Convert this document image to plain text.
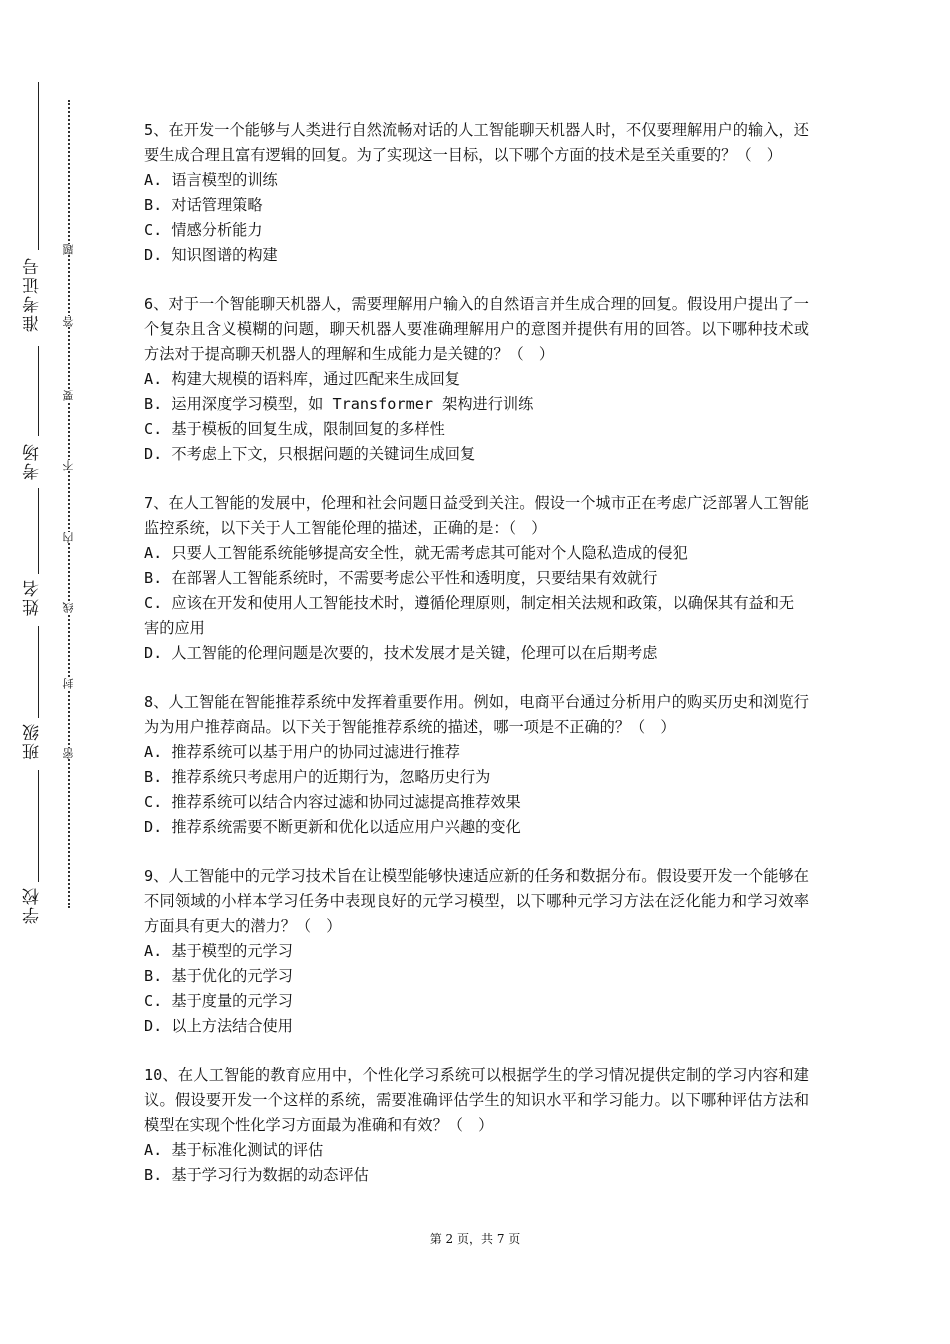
准考证号
考场
姓名
班级
学校
题
答
要
不
内
线
封
密

5、在开发一个能够与人类进行自然流畅对话的人工智能聊天机器人时，不仅要理解用户的输入，还要生成合理且富有逻辑的回复。为了实现这一目标，以下哪个方面的技术是至关重要的？（　）

A. 语言模型的训练

B. 对话管理策略

C. 情感分析能力

D. 知识图谱的构建

6、对于一个智能聊天机器人，需要理解用户输入的自然语言并生成合理的回复。假设用户提出了一个复杂且含义模糊的问题，聊天机器人要准确理解用户的意图并提供有用的回答。以下哪种技术或方法对于提高聊天机器人的理解和生成能力是关键的？（　）

A. 构建大规模的语料库，通过匹配来生成回复

B. 运用深度学习模型，如 Transformer 架构进行训练

C. 基于模板的回复生成，限制回复的多样性

D. 不考虑上下文，只根据问题的关键词生成回复

7、在人工智能的发展中，伦理和社会问题日益受到关注。假设一个城市正在考虑广泛部署人工智能监控系统，以下关于人工智能伦理的描述，正确的是：（　）

A. 只要人工智能系统能够提高安全性，就无需考虑其可能对个人隐私造成的侵犯

B. 在部署人工智能系统时，不需要考虑公平性和透明度，只要结果有效就行

C. 应该在开发和使用人工智能技术时，遵循伦理原则，制定相关法规和政策，以确保其有益和无害的应用

D. 人工智能的伦理问题是次要的，技术发展才是关键，伦理可以在后期考虑

8、人工智能在智能推荐系统中发挥着重要作用。例如，电商平台通过分析用户的购买历史和浏览行为为用户推荐商品。以下关于智能推荐系统的描述，哪一项是不正确的？（　）

A. 推荐系统可以基于用户的协同过滤进行推荐

B. 推荐系统只考虑用户的近期行为，忽略历史行为

C. 推荐系统可以结合内容过滤和协同过滤提高推荐效果

D. 推荐系统需要不断更新和优化以适应用户兴趣的变化

9、人工智能中的元学习技术旨在让模型能够快速适应新的任务和数据分布。假设要开发一个能够在不同领域的小样本学习任务中表现良好的元学习模型，以下哪种元学习方法在泛化能力和学习效率方面具有更大的潜力？（　）

A. 基于模型的元学习

B. 基于优化的元学习

C. 基于度量的元学习

D. 以上方法结合使用

10、在人工智能的教育应用中，个性化学习系统可以根据学生的学习情况提供定制的学习内容和建议。假设要开发一个这样的系统，需要准确评估学生的知识水平和学习能力。以下哪种评估方法和模型在实现个性化学习方面最为准确和有效？（　）

A. 基于标准化测试的评估

B. 基于学习行为数据的动态评估

第 2 页，共 7 页
